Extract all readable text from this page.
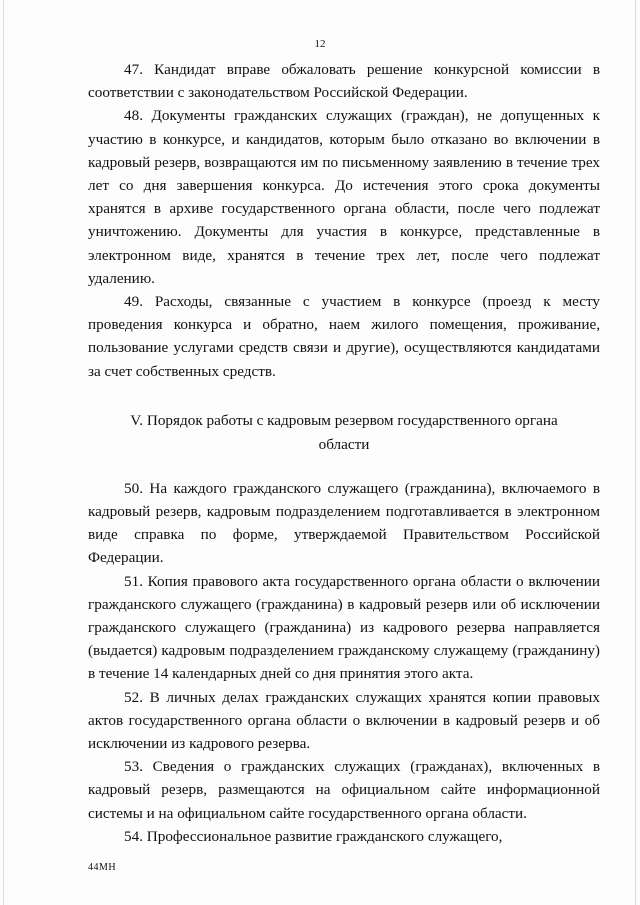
12

47. Кандидат вправе обжаловать решение конкурсной комиссии в соответствии с законодательством Российской Федерации.

48. Документы гражданских служащих (граждан), не допущенных к участию в конкурсе, и кандидатов, которым было отказано во включении в кадровый резерв, возвращаются им по письменному заявлению в течение трех лет со дня завершения конкурса. До истечения этого срока документы хранятся в архиве государственного органа области, после чего подлежат уничтожению. Документы для участия в конкурсе, представленные в электронном виде, хранятся в течение трех лет, после чего подлежат удалению.

49. Расходы, связанные с участием в конкурсе (проезд к месту проведения конкурса и обратно, наем жилого помещения, проживание, пользование услугами средств связи и другие), осуществляются кандидатами за счет собственных средств.

V. Порядок работы с кадровым резервом государственного органа
области

50. На каждого гражданского служащего (гражданина), включаемого в кадровый резерв, кадровым подразделением подготавливается в электронном виде справка по форме, утверждаемой Правительством Российской Федерации.

51. Копия правового акта государственного органа области о включении гражданского служащего (гражданина) в кадровый резерв или об исключении гражданского служащего (гражданина) из кадрового резерва направляется (выдается) кадровым подразделением гражданскому служащему (гражданину) в течение 14 календарных дней со дня принятия этого акта.

52. В личных делах гражданских служащих хранятся копии правовых актов государственного органа области о включении в кадровый резерв и об исключении из кадрового резерва.

53. Сведения о гражданских служащих (гражданах), включенных в кадровый резерв, размещаются на официальном сайте информационной системы и на официальном сайте государственного органа области.

54. Профессиональное развитие гражданского служащего,

44МН
